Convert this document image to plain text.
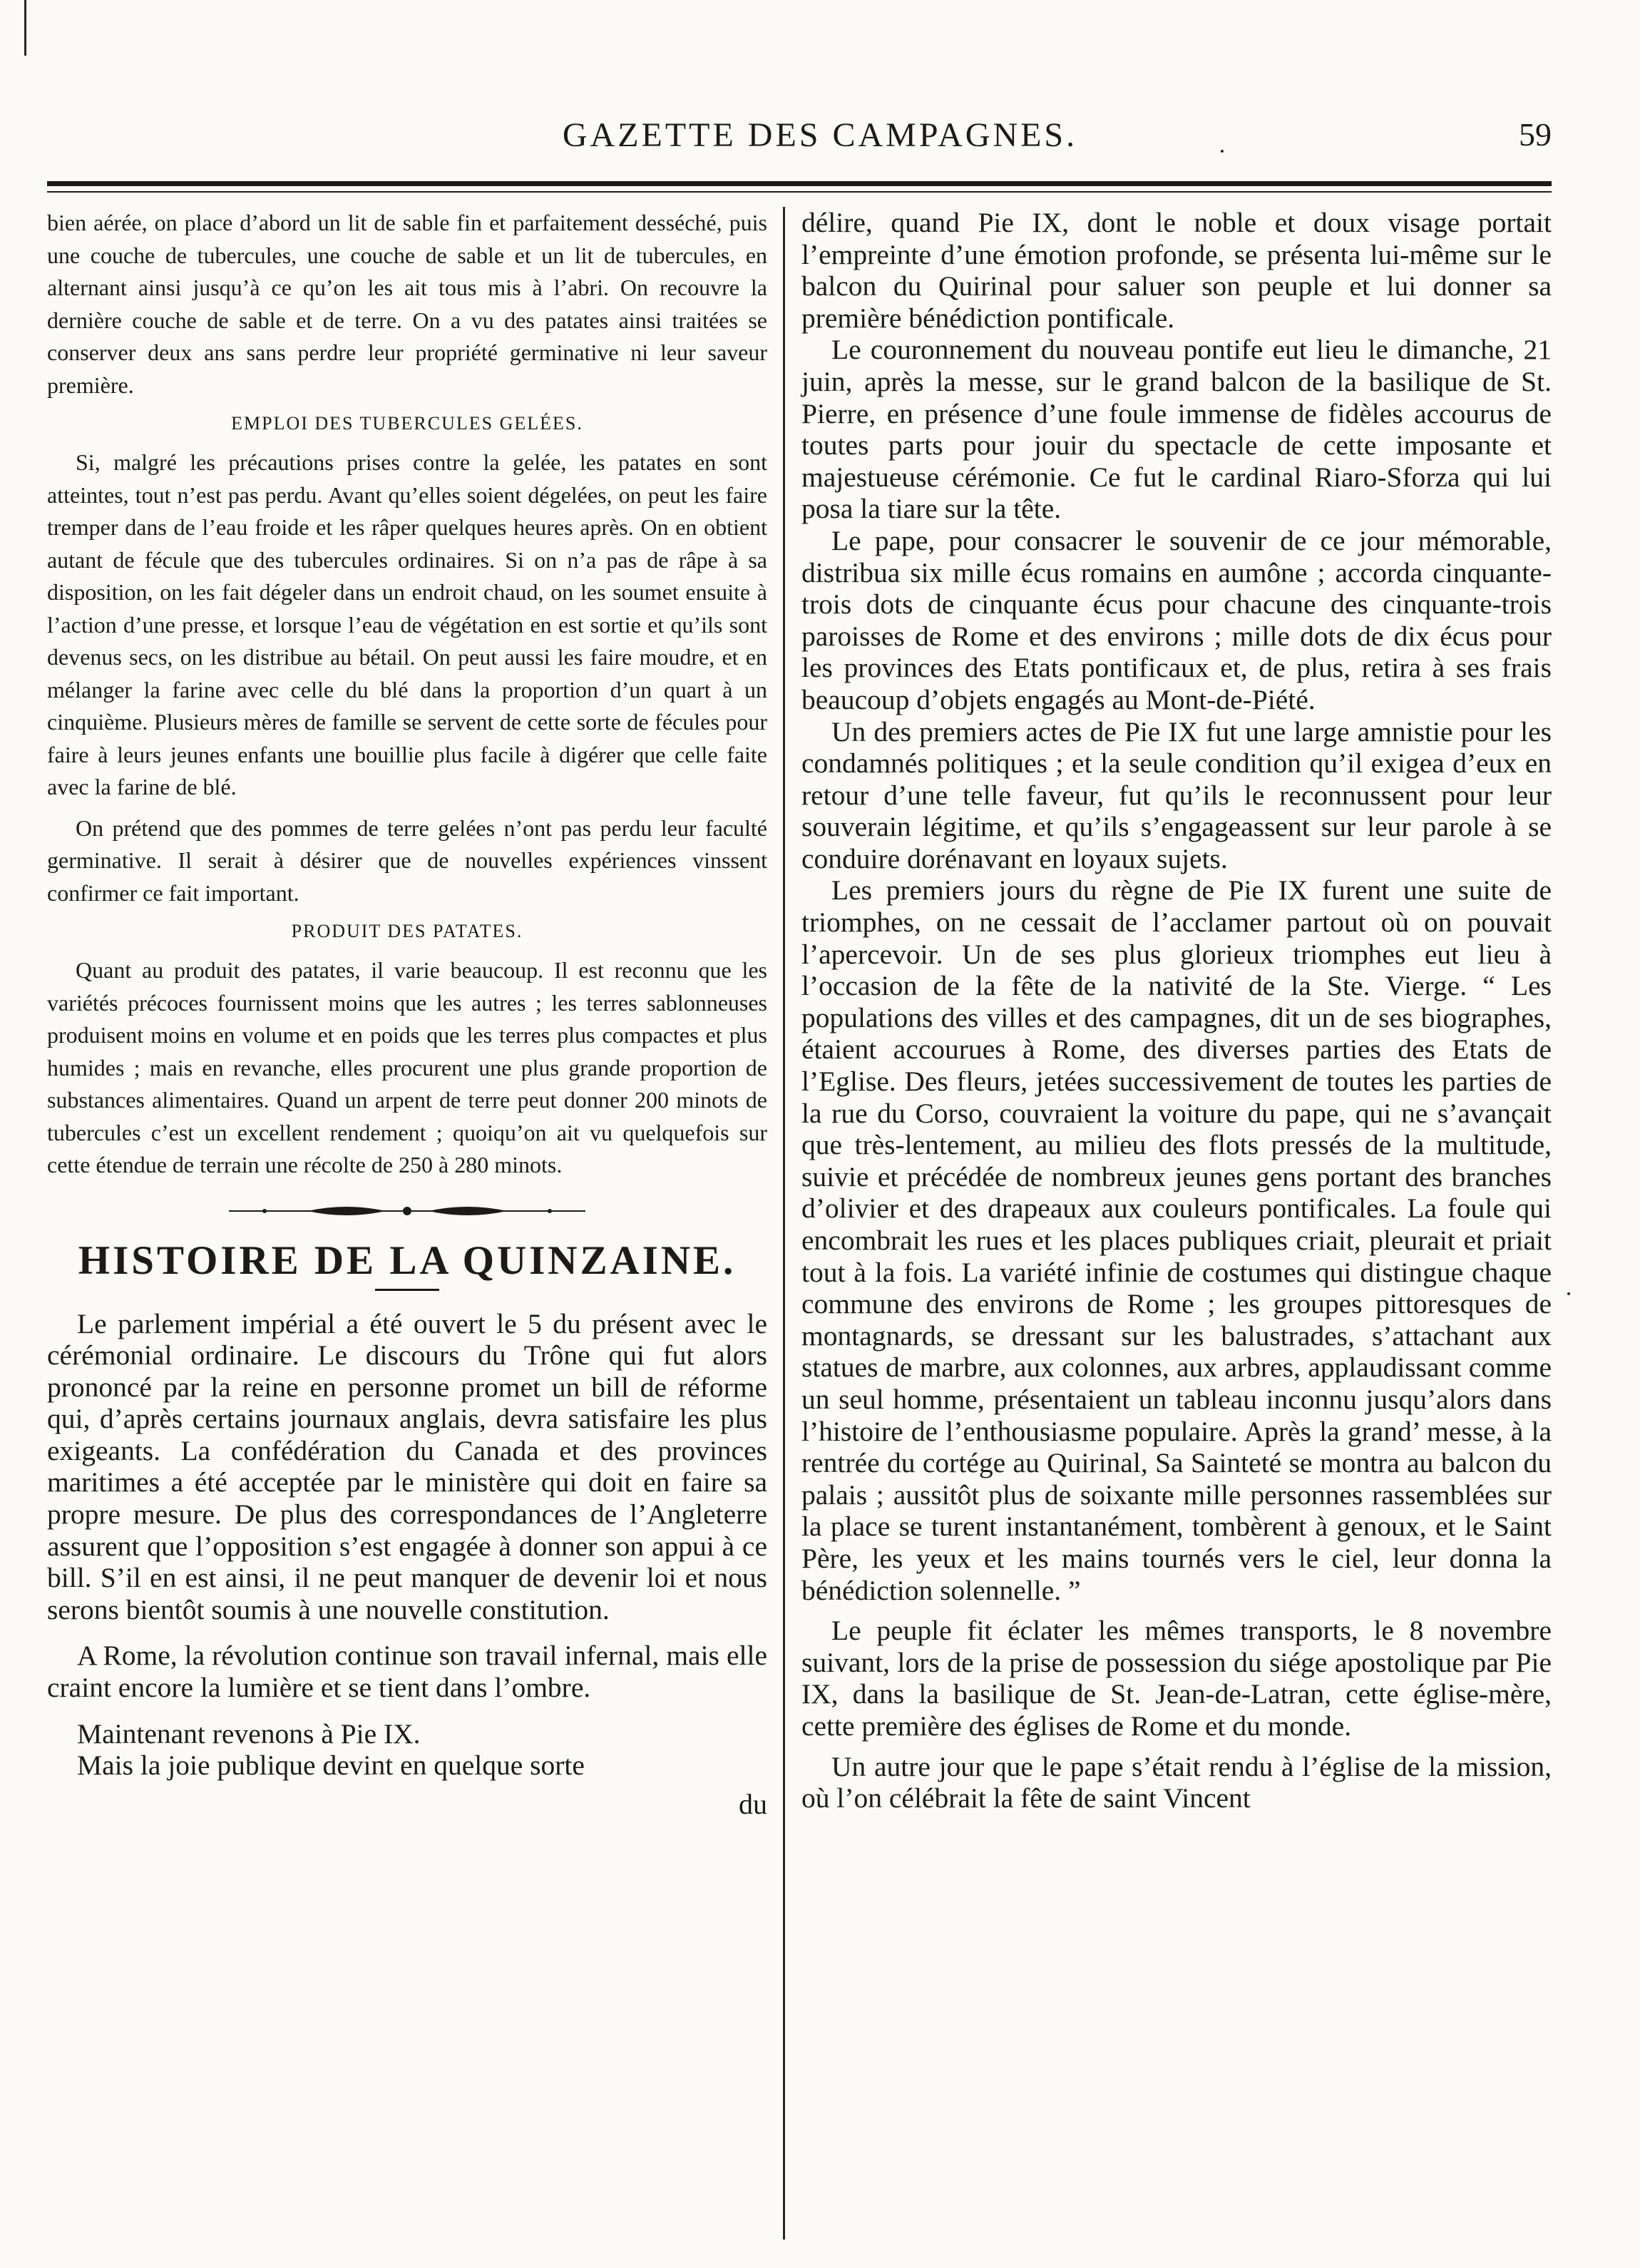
GAZETTE DES CAMPAGNES.	59

bien aérée, on place d’abord un lit de sable fin et parfaitement desséché, puis une couche de tubercules, une couche de sable et un lit de tubercules, en alternant ainsi jusqu’à ce qu’on les ait tous mis à l’abri. On recouvre la dernière couche de sable et de terre. On a vu des patates ainsi traitées se conserver deux ans sans perdre leur propriété germinative ni leur saveur première.

EMPLOI DES TUBERCULES GELÉES.

Si, malgré les précautions prises contre la gelée, les patates en sont atteintes, tout n’est pas perdu. Avant qu’elles soient dégelées, on peut les faire tremper dans de l’eau froide et les râper quelques heures après. On en obtient autant de fécule que des tubercules ordinaires. Si on n’a pas de râpe à sa disposition, on les fait dégeler dans un endroit chaud, on les soumet ensuite à l’action d’une presse, et lorsque l’eau de végétation en est sortie et qu’ils sont devenus secs, on les distribue au bétail. On peut aussi les faire moudre, et en mélanger la farine avec celle du blé dans la proportion d’un quart à un cinquième. Plusieurs mères de famille se servent de cette sorte de fécules pour faire à leurs jeunes enfants une bouillie plus facile à digérer que celle faite avec la farine de blé.

On prétend que des pommes de terre gelées n’ont pas perdu leur faculté germinative. Il serait à désirer que de nouvelles expériences vinssent confirmer ce fait important.

PRODUIT DES PATATES.

Quant au produit des patates, il varie beaucoup. Il est reconnu que les variétés précoces fournissent moins que les autres ; les terres sablonneuses produisent moins en volume et en poids que les terres plus compactes et plus humides ; mais en revanche, elles procurent une plus grande proportion de substances alimentaires. Quand un arpent de terre peut donner 200 minots de tubercules c’est un excellent rendement ; quoiqu’on ait vu quelquefois sur cette étendue de terrain une récolte de 250 à 280 minots.

HISTOIRE DE LA QUINZAINE.

Le parlement impérial a été ouvert le 5 du présent avec le cérémonial ordinaire. Le discours du Trône qui fut alors prononcé par la reine en personne promet un bill de réforme qui, d’après certains journaux anglais, devra satisfaire les plus exigeants. La confédération du Canada et des provinces maritimes a été acceptée par le ministère qui doit en faire sa propre mesure. De plus des correspondances de l’Angleterre assurent que l’opposition s’est engagée à donner son appui à ce bill. S’il en est ainsi, il ne peut manquer de devenir loi et nous serons bientôt soumis à une nouvelle constitution.

A Rome, la révolution continue son travail infernal, mais elle craint encore la lumière et se tient dans l’ombre.

Maintenant revenons à Pie IX.

Mais la joie publique devint en quelque sorte

du

délire, quand Pie IX, dont le noble et doux visage portait l’empreinte d’une émotion profonde, se présenta lui-même sur le balcon du Quirinal pour saluer son peuple et lui donner sa première bénédiction pontificale.

Le couronnement du nouveau pontife eut lieu le dimanche, 21 juin, après la messe, sur le grand balcon de la basilique de St. Pierre, en présence d’une foule immense de fidèles accourus de toutes parts pour jouir du spectacle de cette imposante et majestueuse cérémonie. Ce fut le cardinal Riaro-Sforza qui lui posa la tiare sur la tête.

Le pape, pour consacrer le souvenir de ce jour mémorable, distribua six mille écus romains en aumône ; accorda cinquante-trois dots de cinquante écus pour chacune des cinquante-trois paroisses de Rome et des environs ; mille dots de dix écus pour les provinces des Etats pontificaux et, de plus, retira à ses frais beaucoup d’objets engagés au Mont-de-Piété.

Un des premiers actes de Pie IX fut une large amnistie pour les condamnés politiques ; et la seule condition qu’il exigea d’eux en retour d’une telle faveur, fut qu’ils le reconnussent pour leur souverain légitime, et qu’ils s’engageassent sur leur parole à se conduire dorénavant en loyaux sujets.

Les premiers jours du règne de Pie IX furent une suite de triomphes, on ne cessait de l’acclamer partout où on pouvait l’apercevoir. Un de ses plus glorieux triomphes eut lieu à l’occasion de la fête de la nativité de la Ste. Vierge. “ Les populations des villes et des campagnes, dit un de ses biographes, étaient accourues à Rome, des diverses parties des Etats de l’Eglise. Des fleurs, jetées successivement de toutes les parties de la rue du Corso, couvraient la voiture du pape, qui ne s’avançait que très-lentement, au milieu des flots pressés de la multitude, suivie et précédée de nombreux jeunes gens portant des branches d’olivier et des drapeaux aux couleurs pontificales. La foule qui encombrait les rues et les places publiques criait, pleurait et priait tout à la fois. La variété infinie de costumes qui distingue chaque commune des environs de Rome ; les groupes pittoresques de montagnards, se dressant sur les balustrades, s’attachant aux statues de marbre, aux colonnes, aux arbres, applaudissant comme un seul homme, présentaient un tableau inconnu jusqu’alors dans l’histoire de l’enthousiasme populaire. Après la grand’ messe, à la rentrée du cortége au Quirinal, Sa Sainteté se montra au balcon du palais ; aussitôt plus de soixante mille personnes rassemblées sur la place se turent instantanément, tombèrent à genoux, et le Saint Père, les yeux et les mains tournés vers le ciel, leur donna la bénédiction solennelle. ”

Le peuple fit éclater les mêmes transports, le 8 novembre suivant, lors de la prise de possession du siége apostolique par Pie IX, dans la basilique de St. Jean-de-Latran, cette église-mère, cette première des églises de Rome et du monde.

Un autre jour que le pape s’était rendu à l’église de la mission, où l’on célébrait la fête de saint Vincent
